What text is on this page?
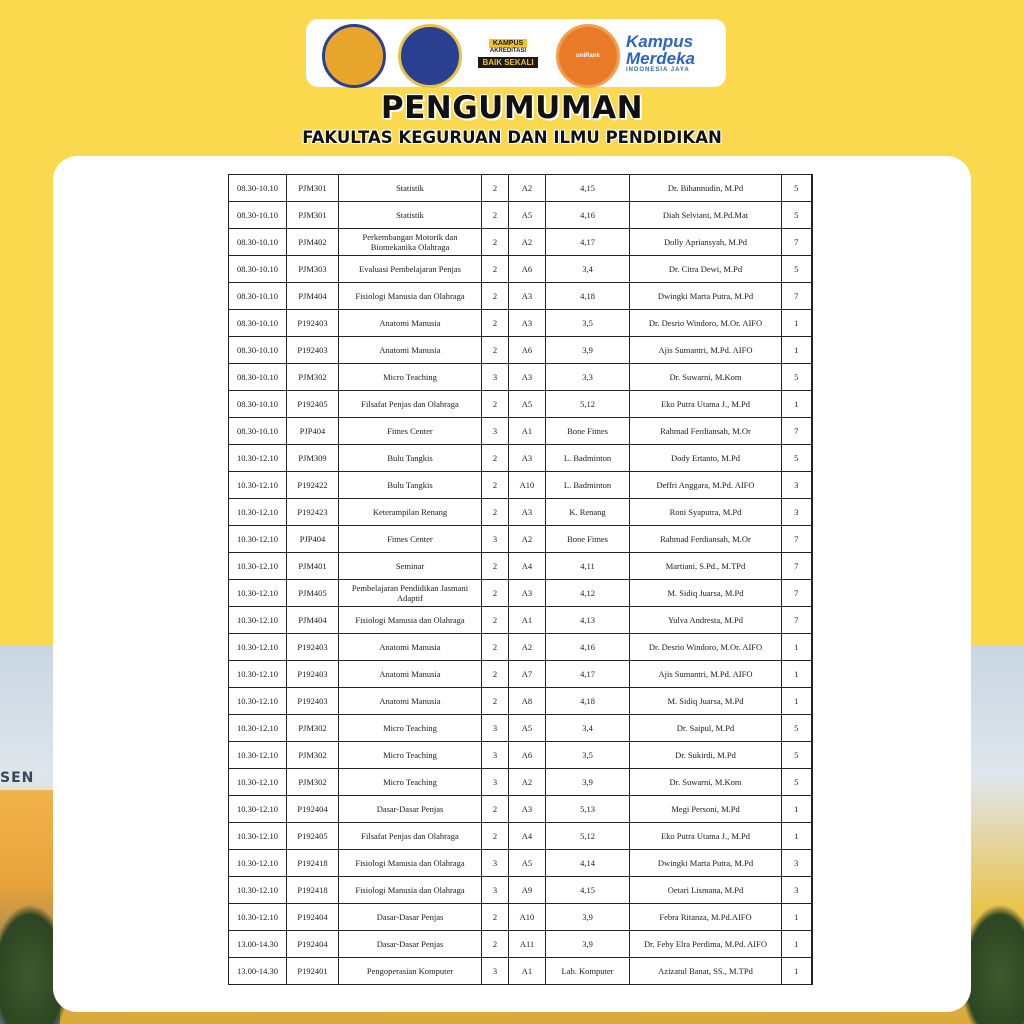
SEN
KAMPUS
AKREDITASI
BAIK SEKALI
uniRank
Kampus
Merdeka
INDONESIA JAYA
PENGUMUMAN
FAKULTAS KEGURUAN DAN ILMU PENDIDIKAN
08.30-10.10	PJM301	Statistik	2	A2	4,15	Dr. Bihannudin, M.Pd	5
08.30-10.10	PJM301	Statistik	2	A5	4,16	Diah Selviani, M.Pd.Mat	5
08.30-10.10	PJM402	Perkembangan Motorik dan Biomekanika Olahraga	2	A2	4,17	Dolly Apriansyah, M.Pd	7
08.30-10.10	PJM303	Evaluasi Pembelajaran Penjas	2	A6	3,4	Dr. Citra Dewi, M.Pd	5
08.30-10.10	PJM404	Fisiologi Manusia dan Olahraga	2	A3	4,18	Dwingki Marta Putra, M.Pd	7
08.30-10.10	P192403	Anatomi Manusia	2	A3	3,5	Dr. Desrio Windoro, M.Or. AIFO	1
08.30-10.10	P192403	Anatomi Manusia	2	A6	3,9	Ajis Sumantri, M.Pd. AIFO	1
08.30-10.10	PJM302	Micro Teaching	3	A3	3,3	Dr. Suwarni, M.Kom	5
08.30-10.10	P192405	Filsafat Penjas dan Olahraga	2	A5	5,12	Eko Putra Utama J., M.Pd	1
08.30-10.10	PJP404	Fitnes Center	3	A1	Bone Fitnes	Rahmad Ferdiansah, M.Or	7
10.30-12.10	PJM309	Bulu Tangkis	2	A3	L. Badminton	Dody Ertanto, M.Pd	5
10.30-12.10	P192422	Bulu Tangkis	2	A10	L. Badminton	Deffri Anggara, M.Pd. AIFO	3
10.30-12.10	P192423	Keterampilan Renang	2	A3	K. Renang	Roni Syaputra, M.Pd	3
10.30-12.10	PJP404	Fitnes Center	3	A2	Bone Fitnes	Rahmad Ferdiansah, M.Or	7
10.30-12.10	PJM401	Seminar	2	A4	4,11	Martiani, S.Pd., M.TPd	7
10.30-12.10	PJM405	Pembelajaran Pendidikan Jasmani Adaptif	2	A3	4,12	M. Sidiq Juarsa, M.Pd	7
10.30-12.10	PJM404	Fisiologi Manusia dan Olahraga	2	A1	4,13	Yulva Andresta, M.Pd	7
10.30-12.10	P192403	Anatomi Manusia	2	A2	4,16	Dr. Desrio Windoro, M.Or. AIFO	1
10.30-12.10	P192403	Anatomi Manusia	2	A7	4,17	Ajis Sumantri, M.Pd. AIFO	1
10.30-12.10	P192403	Anatomi Manusia	2	A8	4,18	M. Sidiq Juarsa, M.Pd	1
10.30-12.10	PJM302	Micro Teaching	3	A5	3,4	Dr. Saipul, M.Pd	5
10.30-12.10	PJM302	Micro Teaching	3	A6	3,5	Dr. Sukirdi, M.Pd	5
10.30-12.10	PJM302	Micro Teaching	3	A2	3,9	Dr. Suwarni, M.Kom	5
10.30-12.10	P192404	Dasar-Dasar Penjas	2	A3	5,13	Megi Personi, M.Pd	1
10.30-12.10	P192405	Filsafat Penjas dan Olahraga	2	A4	5,12	Eko Putra Utama J., M.Pd	1
10.30-12.10	P192418	Fisiologi Manusia dan Olahraga	3	A5	4,14	Dwingki Marta Putra, M.Pd	3
10.30-12.10	P192418	Fisiologi Manusia dan Olahraga	3	A9	4,15	Oetari Lismana, M.Pd	3
10.30-12.10	P192404	Dasar-Dasar Penjas	2	A10	3,9	Febra Ritanza, M.Pd.AIFO	1
13.00-14.30	P192404	Dasar-Dasar Penjas	2	A11	3,9	Dr. Feby Elra Perdima, M.Pd. AIFO	1
13.00-14.30	P192401	Pengoperasian Komputer	3	A1	Lab. Komputer	Azizatul Banat, SS., M.TPd	1
